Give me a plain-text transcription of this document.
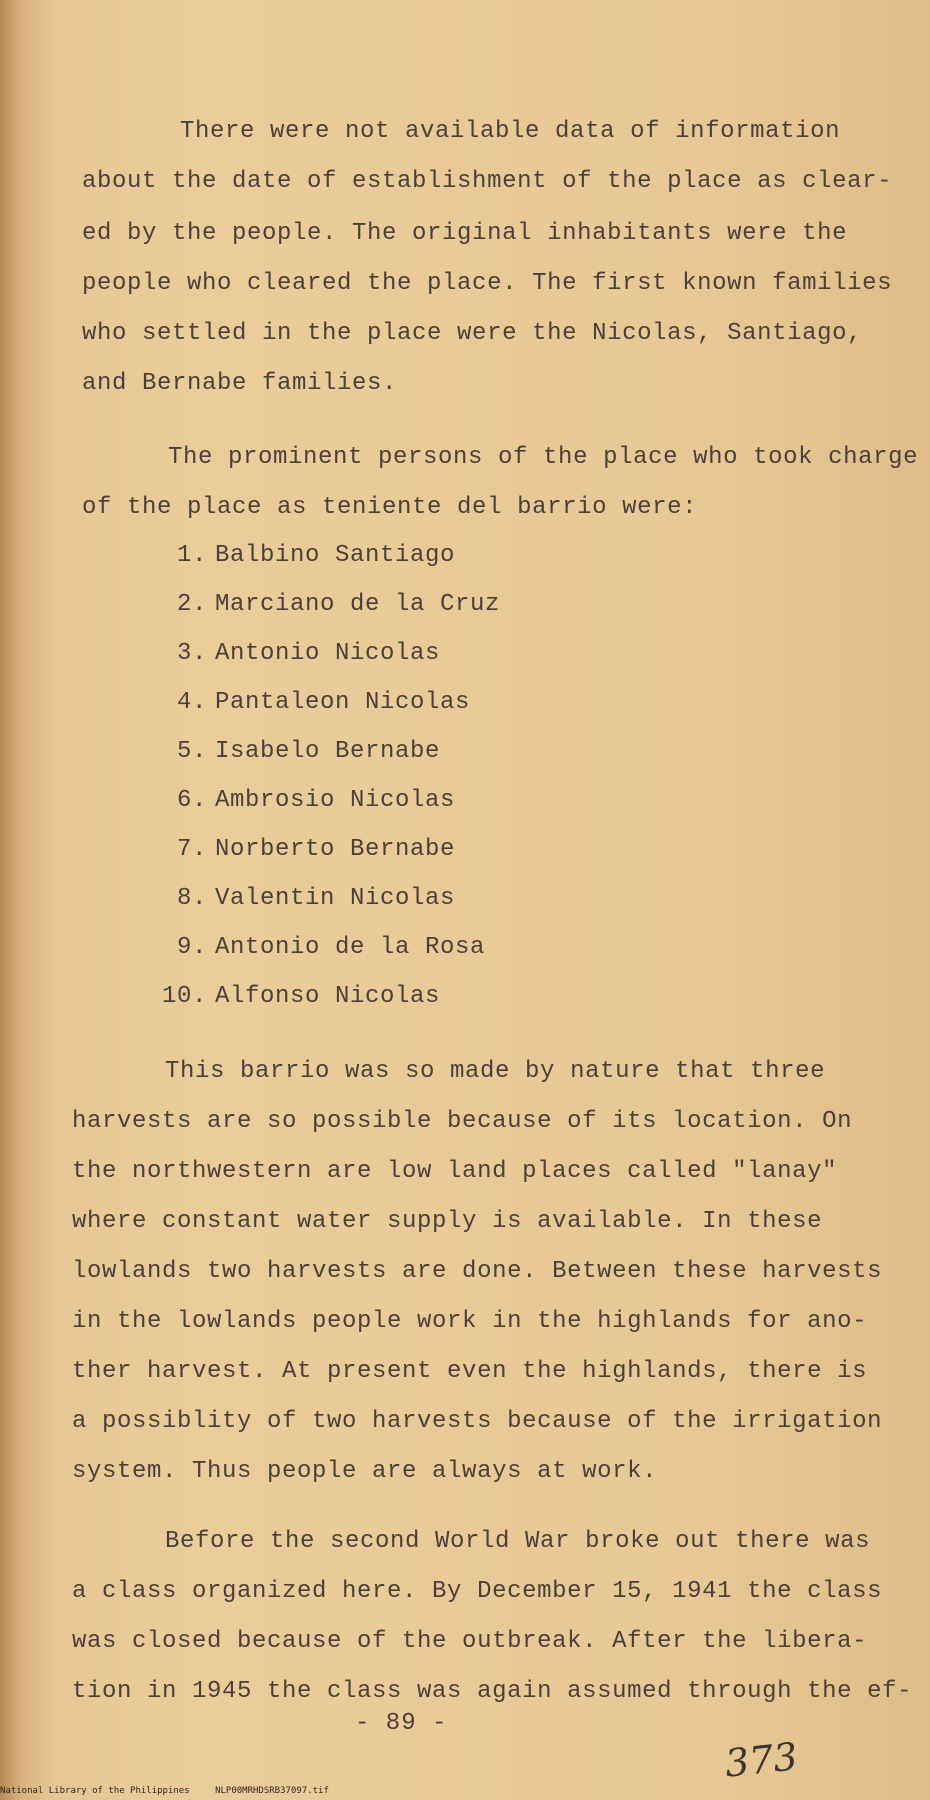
There were not available data of information
about the date of establishment of the place as clear-
ed by the people. The original inhabitants were the
people who cleared the place. The first known families
who settled in the place were the Nicolas, Santiago,
and Bernabe families.
The prominent persons of the place who took charge
of the place as teniente del barrio were:
1. Balbino Santiago
2. Marciano de la Cruz
3. Antonio Nicolas
4. Pantaleon Nicolas
5. Isabelo Bernabe
6. Ambrosio Nicolas
7. Norberto Bernabe
8. Valentin Nicolas
9. Antonio de la Rosa
10. Alfonso Nicolas
This barrio was so made by nature that three
harvests are so possible because of its location. On
the northwestern are low land places called "lanay"
where constant water supply is available. In these
lowlands two harvests are done. Between these harvests
in the lowlands people work in the highlands for ano-
ther harvest. At present even the highlands, there is
a possiblity of two harvests because of the irrigation
system. Thus people are always at work.
Before the second World War broke out there was
a class organized here. By December 15, 1941 the class
was closed because of the outbreak. After the libera-
tion in 1945 the class was again assumed through the ef-
- 89 -
373
National Library of the Philippines	NLP00MRHDSRB37097.tif
